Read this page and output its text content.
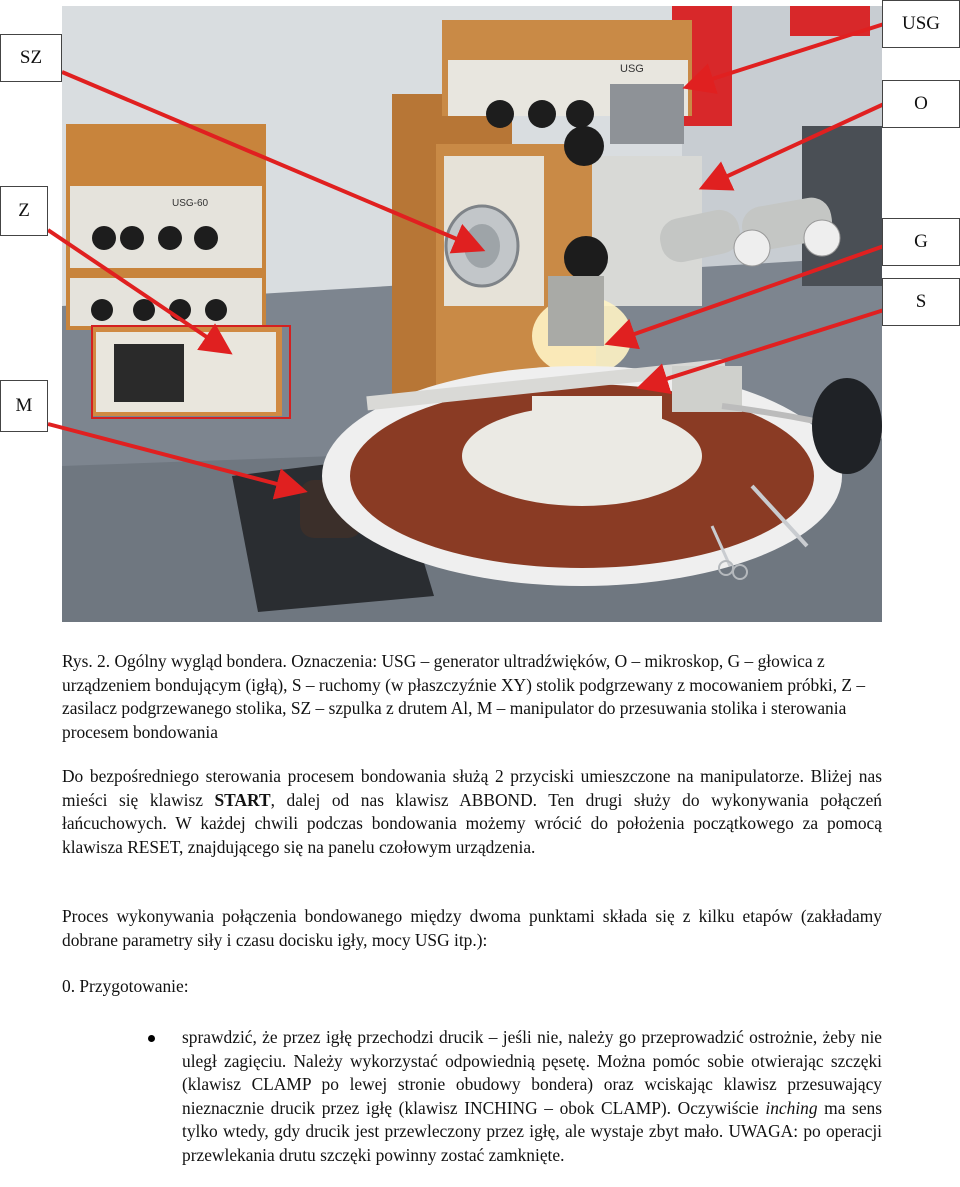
USG-60
USG
SZ
Z
M
USG
O
G
S
Rys. 2. Ogólny wygląd bondera. Oznaczenia: USG – generator ultradźwięków, O – mikroskop, G – głowica z urządzeniem bondującym (igłą), S – ruchomy (w płaszczyźnie XY) stolik podgrzewany z mocowaniem próbki, Z – zasilacz podgrzewanego stolika, SZ – szpulka z drutem Al, M – manipulator do przesuwania stolika i sterowania procesem bondowania
Do bezpośredniego sterowania procesem bondowania służą 2 przyciski umieszczone na manipulatorze. Bliżej nas mieści się klawisz START, dalej od nas klawisz ABBOND. Ten drugi służy do wykonywania połączeń łańcuchowych. W każdej chwili podczas bondowania możemy wrócić do położenia początkowego za pomocą klawisza RESET, znajdującego się na panelu czołowym urządzenia.
Proces wykonywania połączenia bondowanego między dwoma punktami składa się z kilku etapów (zakładamy dobrane parametry siły i czasu docisku igły, mocy USG itp.):
0. Przygotowanie:
sprawdzić, że przez igłę przechodzi drucik – jeśli nie, należy go przeprowadzić ostrożnie, żeby nie uległ zagięciu. Należy wykorzystać odpowiednią pęsetę. Można pomóc sobie otwierając szczęki (klawisz CLAMP po lewej stronie obudowy bondera) oraz wciskając klawisz przesuwający nieznacznie drucik przez igłę (klawisz INCHING – obok CLAMP). Oczywiście inching ma sens tylko wtedy, gdy drucik jest przewleczony przez igłę, ale wystaje zbyt mało. UWAGA: po operacji przewlekania drutu szczęki powinny zostać zamknięte.
